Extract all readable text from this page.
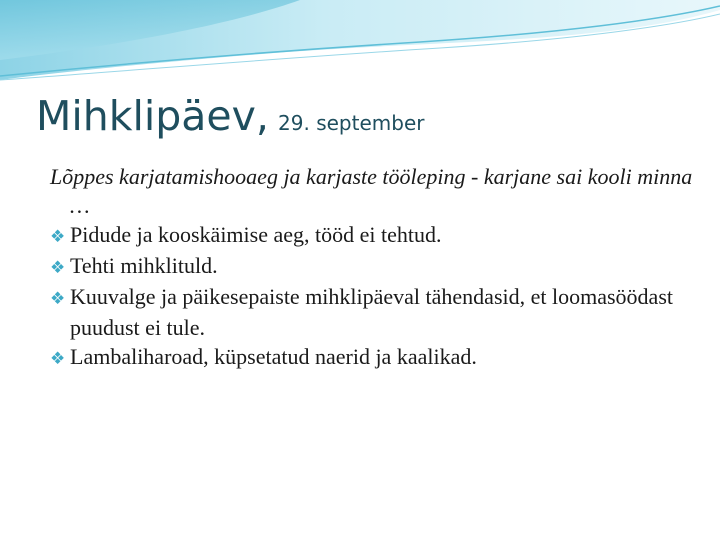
Mihklipäev, 29. september
Lõppes karjatamishooaeg ja karjaste tööleping - karjane sai kooli minna …
❖ Pidude ja kooskäimise aeg, tööd ei tehtud.
❖ Tehti mihklituld.
❖ Kuuvalge ja päikesepaiste mihklipäeval tähendasid, et loomasöödast puudust ei tule.
❖ Lambaliharoad, küpsetatud naerid ja kaalikad.
